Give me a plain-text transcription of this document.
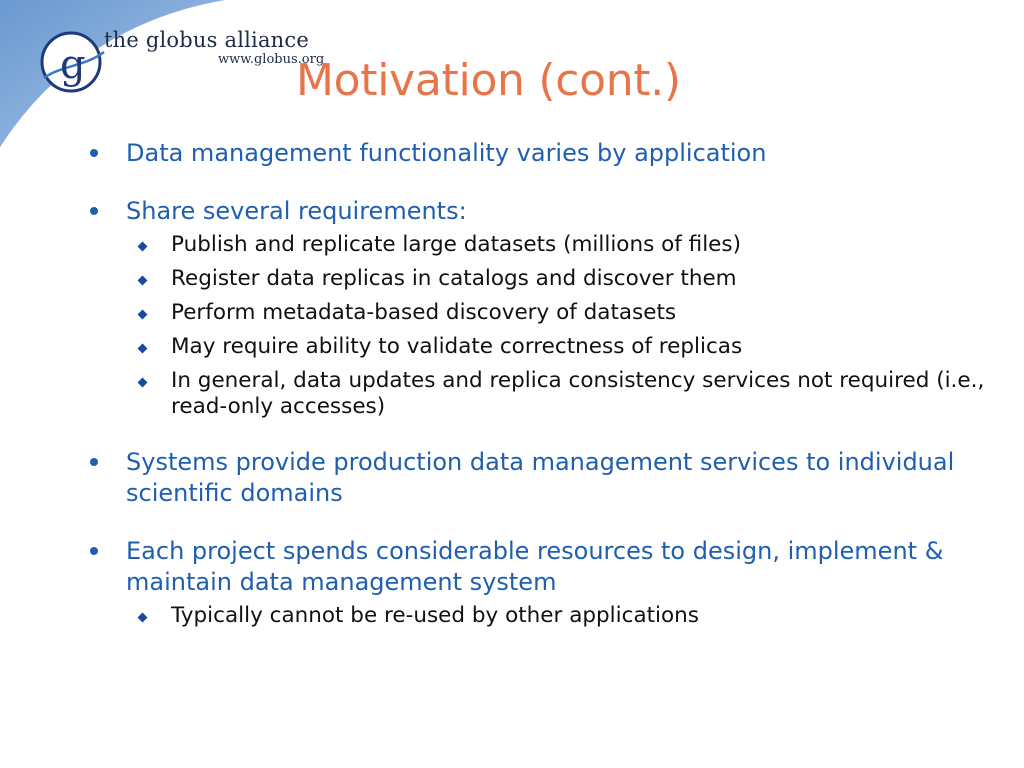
g
the globus alliance
www.globus.org
Motivation (cont.)
Data management functionality varies by application
Share several requirements:
Publish and replicate large datasets (millions of files)
Register data replicas in catalogs and discover them
Perform metadata-based discovery of datasets
May require ability to validate correctness of replicas
In general, data updates and replica consistency services not required (i.e., read-only accesses)
Systems provide production data management services to individual scientific domains
Each project spends considerable resources to design, implement & maintain data management system
Typically cannot be re-used by other applications
